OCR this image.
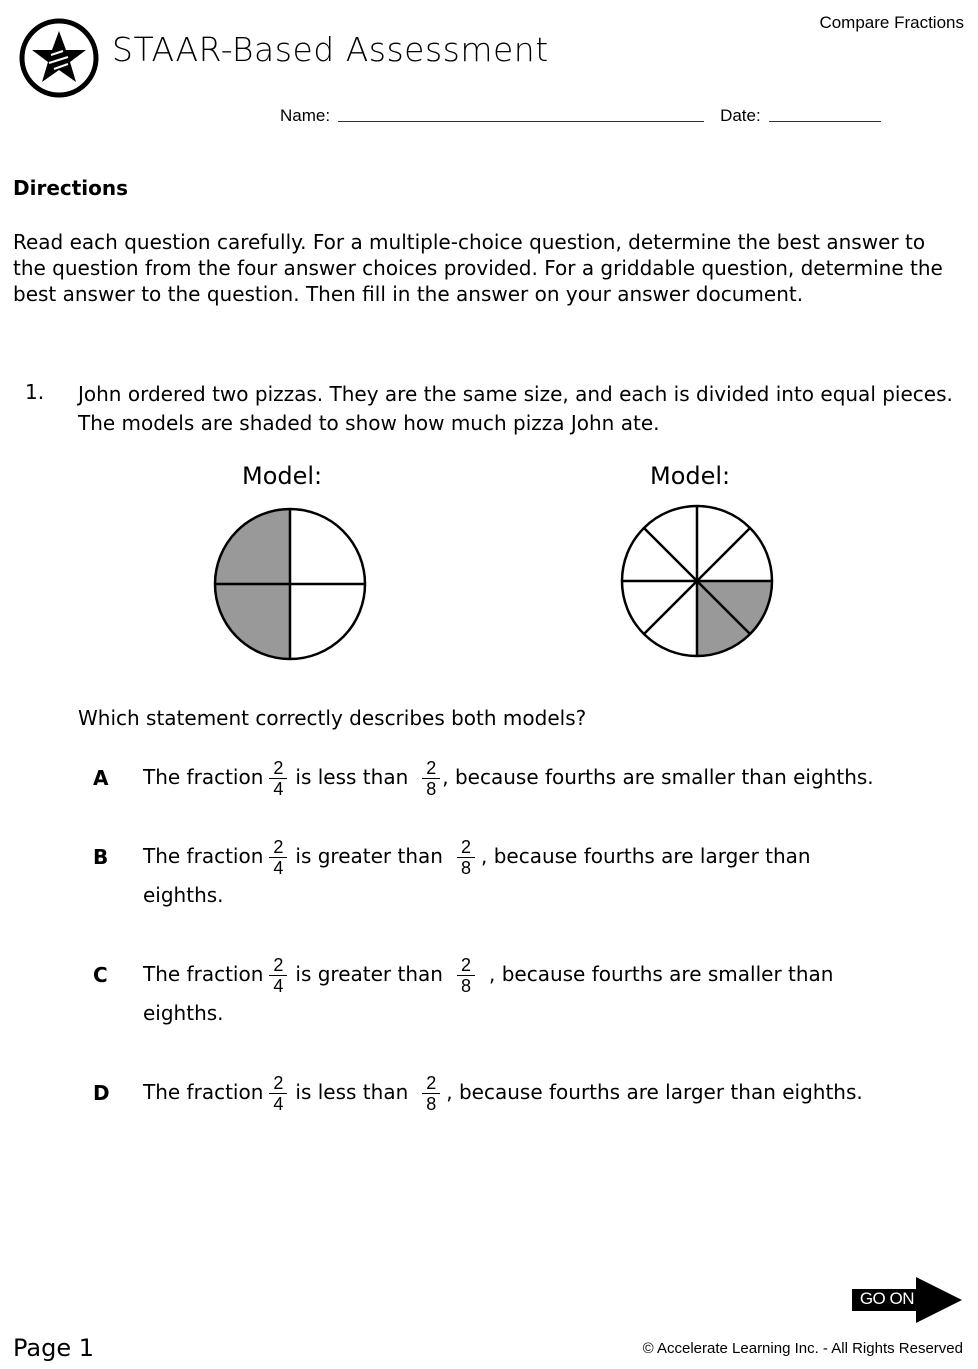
Compare Fractions
STAAR-Based Assessment
Name:	Date:
Directions
Read each question carefully. For a multiple-choice question, determine the best answer to the question from the four answer choices provided. For a griddable question, determine the best answer to the question. Then fill in the answer on your answer document.
1. John ordered two pizzas. They are the same size, and each is divided into equal pieces. The models are shaded to show how much pizza John ate.
Model:	Model:
Which statement correctly describes both models?
A The fraction $\frac{2}{4}$ is less than $\frac{2}{8}$ , because fourths are smaller than eighths.
B The fraction $\frac{2}{4}$ is greater than $\frac{2}{8}$ , because fourths are larger than
eighths.
C The fraction $\frac{2}{4}$ is greater than $\frac{2}{8}$ , because fourths are smaller than
eighths.
D The fraction $\frac{2}{4}$ is less than $\frac{2}{8}$ , because fourths are larger than eighths.
GO ON
Page 1	© Accelerate Learning Inc. - All Rights Reserved
